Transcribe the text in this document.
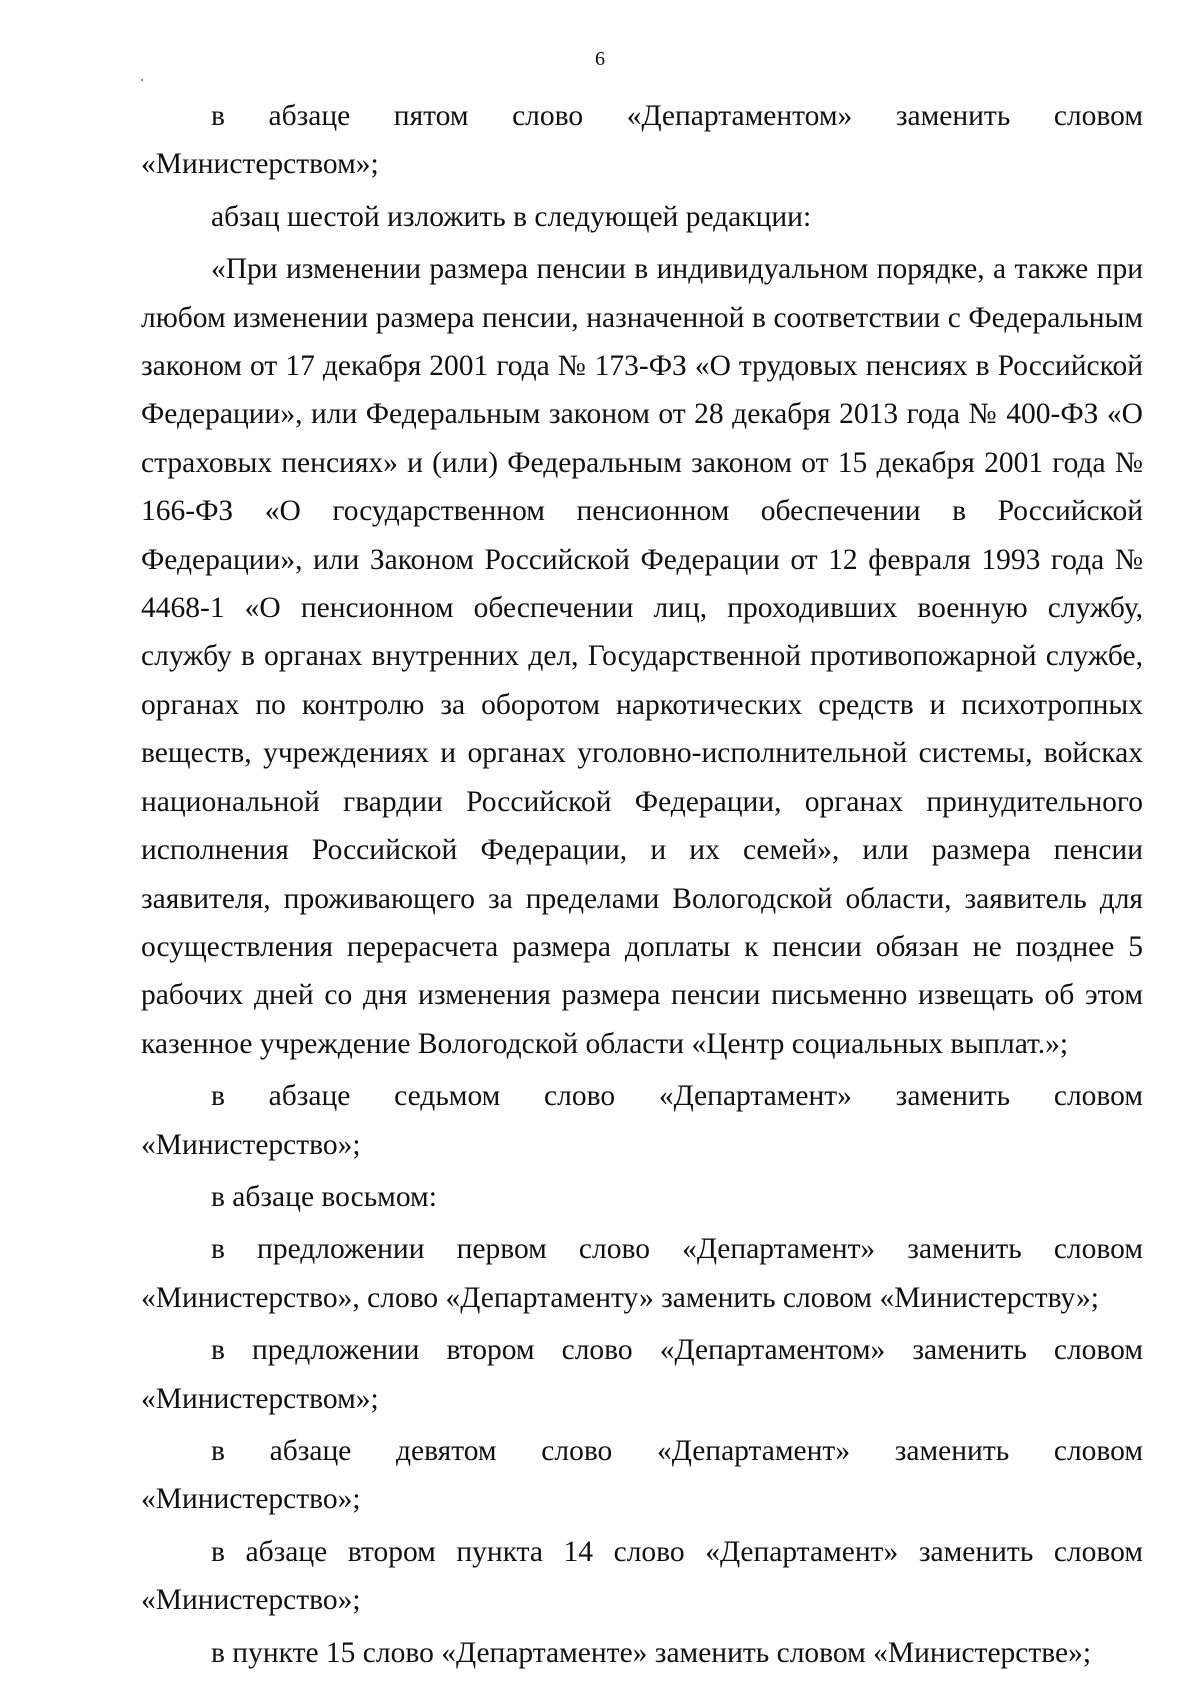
6

в абзаце пятом слово «Департаментом» заменить словом «Министерством»;

абзац шестой изложить в следующей редакции:

«При изменении размера пенсии в индивидуальном порядке, а также при любом изменении размера пенсии, назначенной в соответствии с Федеральным законом от 17 декабря 2001 года № 173-ФЗ «О трудовых пенсиях в Российской Федерации», или Федеральным законом от 28 декабря 2013 года № 400-ФЗ «О страховых пенсиях» и (или) Федеральным законом от 15 декабря 2001 года № 166-ФЗ «О государственном пенсионном обеспечении в Российской Федерации», или Законом Российской Федерации от 12 февраля 1993 года № 4468-1 «О пенсионном обеспечении лиц, проходивших военную службу, службу в органах внутренних дел, Государственной противопожарной службе, органах по контролю за оборотом наркотических средств и психотропных веществ, учреждениях и органах уголовно-исполнительной системы, войсках национальной гвардии Российской Федерации, органах принудительного исполнения Российской Федерации, и их семей», или размера пенсии заявителя, проживающего за пределами Вологодской области, заявитель для осуществления перерасчета размера доплаты к пенсии обязан не позднее 5 рабочих дней со дня изменения размера пенсии письменно извещать об этом казенное учреждение Вологодской области «Центр социальных выплат.»;

в абзаце седьмом слово «Департамент» заменить словом «Министерство»;

в абзаце восьмом:

в предложении первом слово «Департамент» заменить словом «Министерство», слово «Департаменту» заменить словом «Министерству»;

в предложении втором слово «Департаментом» заменить словом «Министерством»;

в абзаце девятом слово «Департамент» заменить словом «Министерство»;

в абзаце втором пункта 14 слово «Департамент» заменить словом «Министерство»;

в пункте 15 слово «Департаменте» заменить словом «Министерстве»;
